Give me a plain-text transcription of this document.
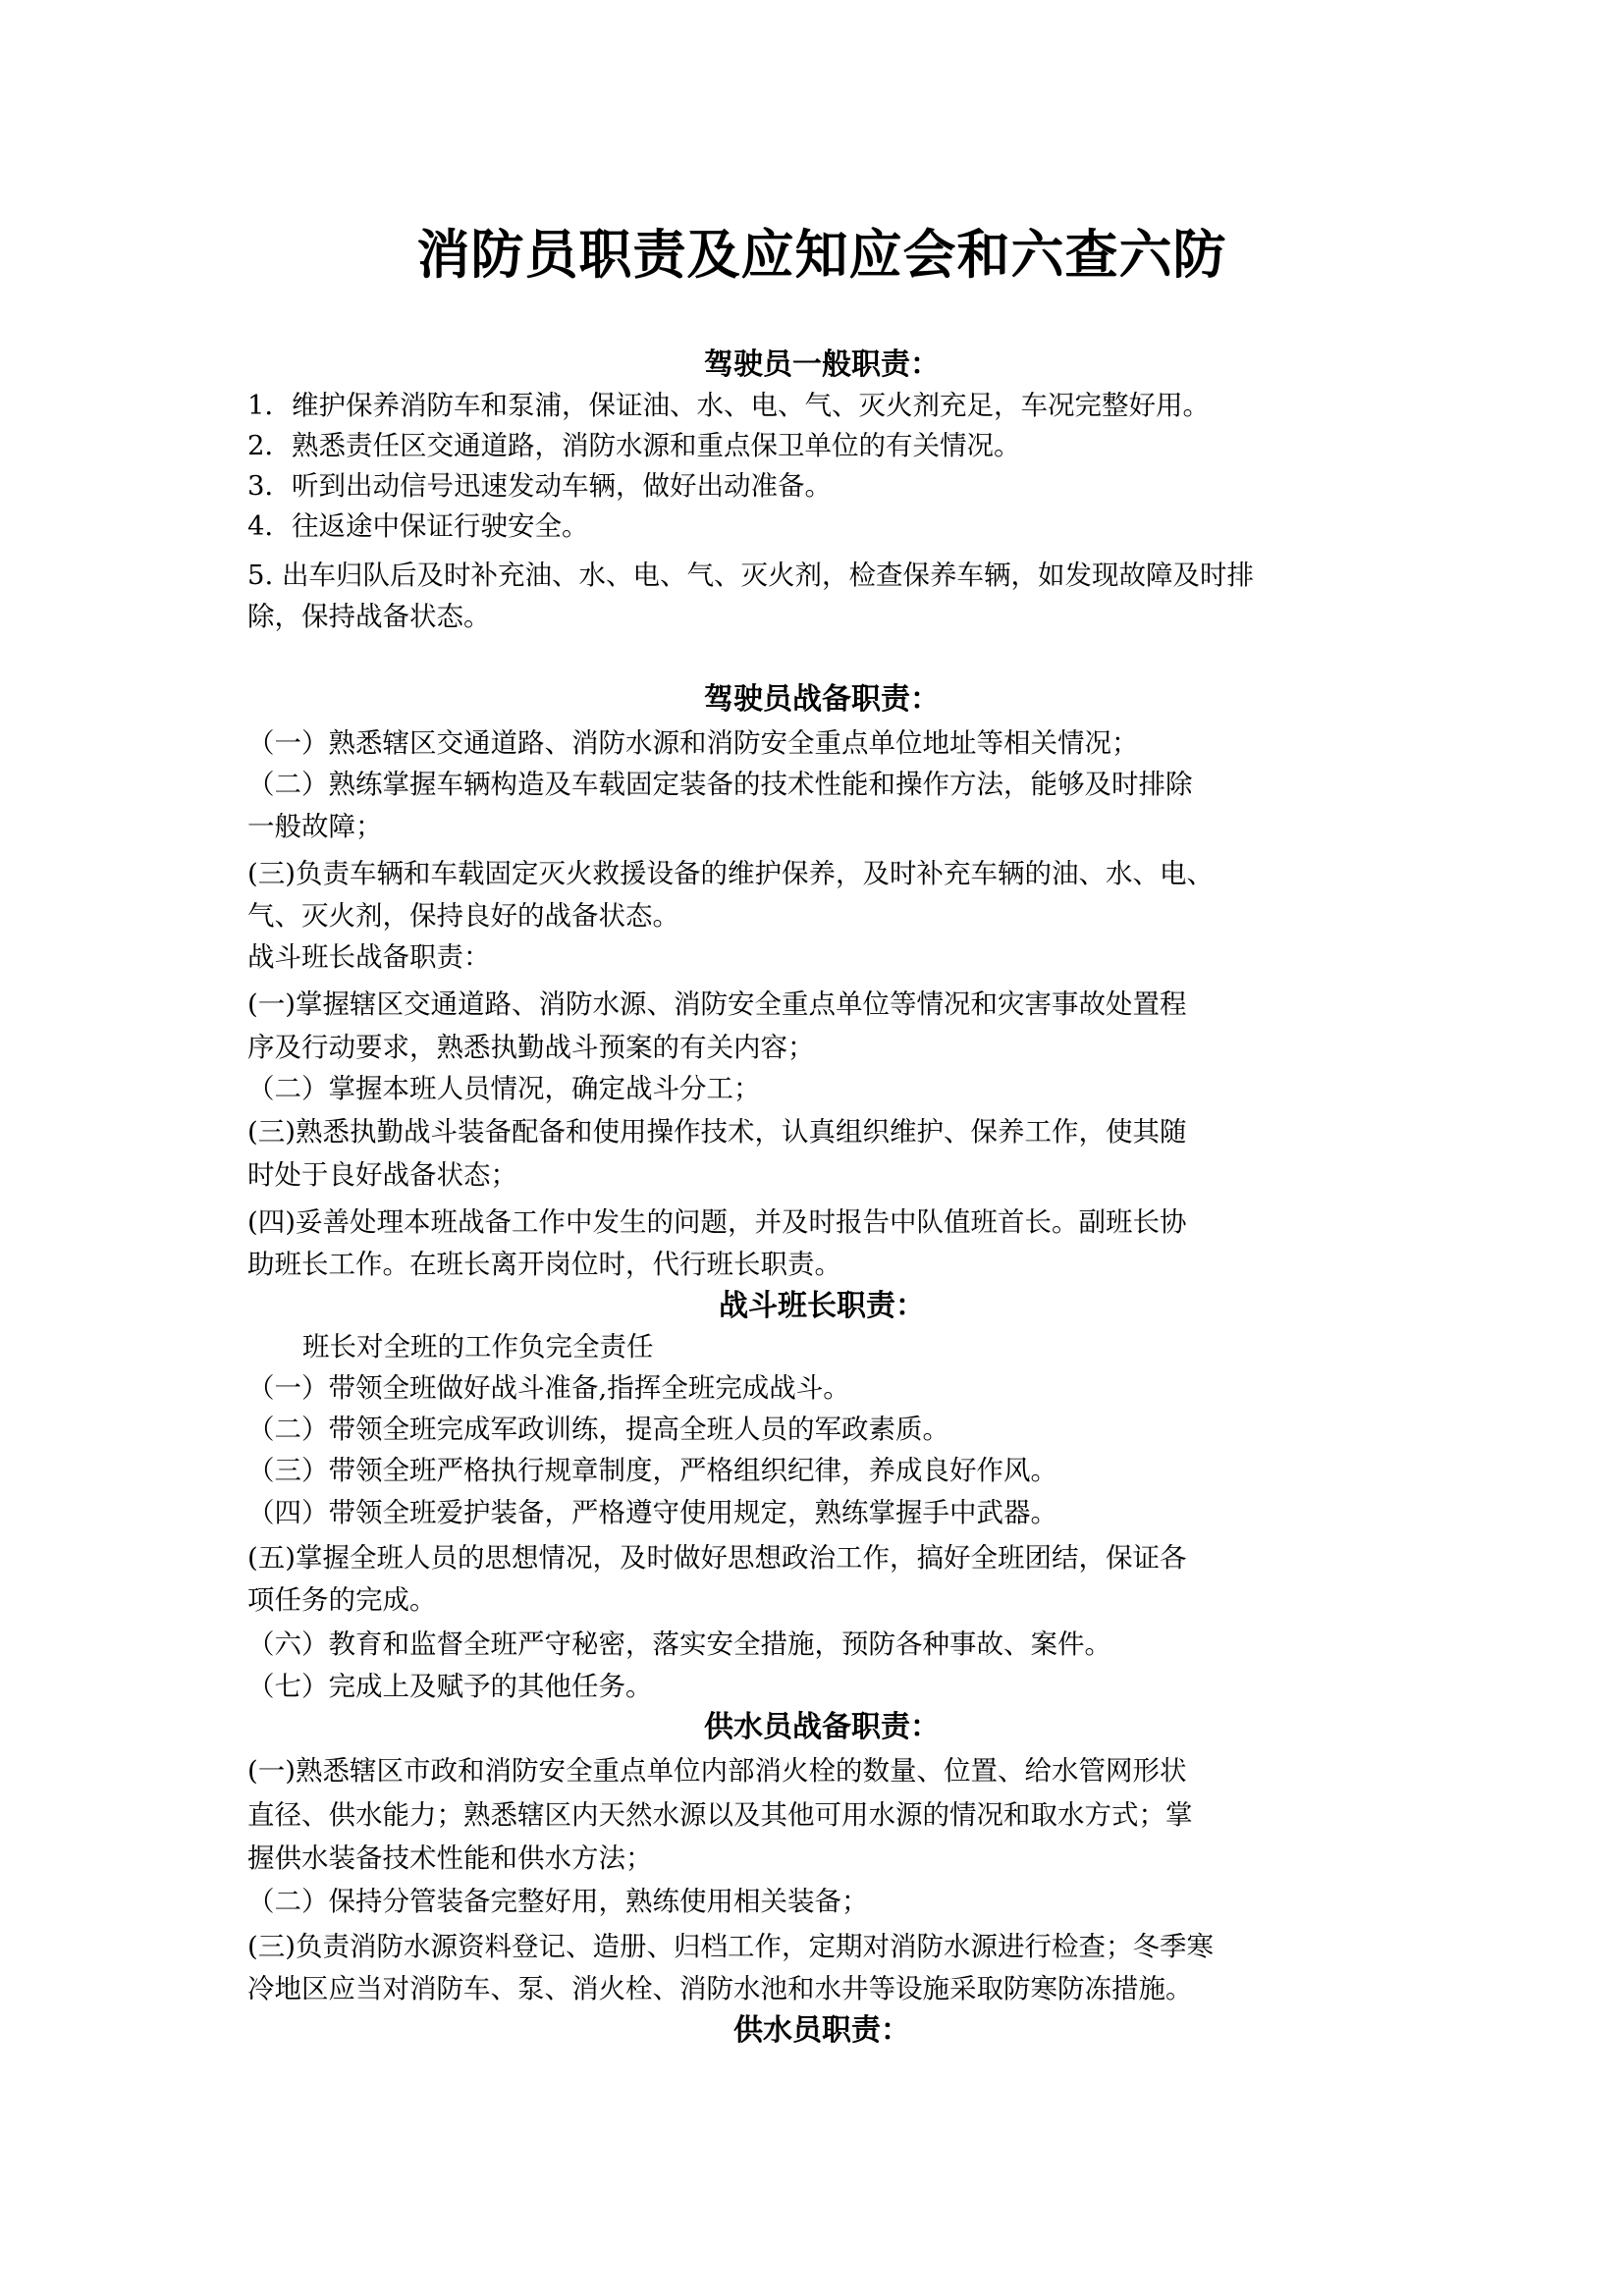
消防员职责及应知应会和六查六防
驾驶员一般职责：
1．维护保养消防车和泵浦，保证油、水、电、气、灭火剂充足，车况完整好用。
2．熟悉责任区交通道路，消防水源和重点保卫单位的有关情况。
3．听到出动信号迅速发动车辆，做好出动准备。
4．往返途中保证行驶安全。
5. 出车归队后及时补充油、水、电、气、灭火剂，检查保养车辆，如发现故障及时排
除，保持战备状态。
驾驶员战备职责：
（一）熟悉辖区交通道路、消防水源和消防安全重点单位地址等相关情况；
（二）熟练掌握车辆构造及车载固定装备的技术性能和操作方法，能够及时排除
一般故障；
(三)负责车辆和车载固定灭火救援设备的维护保养，及时补充车辆的油、水、电、
气、灭火剂，保持良好的战备状态。
战斗班长战备职责：
(一)掌握辖区交通道路、消防水源、消防安全重点单位等情况和灾害事故处置程
序及行动要求，熟悉执勤战斗预案的有关内容；
（二）掌握本班人员情况，确定战斗分工；
(三)熟悉执勤战斗装备配备和使用操作技术，认真组织维护、保养工作，使其随
时处于良好战备状态；
(四)妥善处理本班战备工作中发生的问题，并及时报告中队值班首长。副班长协
助班长工作。在班长离开岗位时，代行班长职责。
战斗班长职责：
班长对全班的工作负完全责任
（一）带领全班做好战斗准备,指挥全班完成战斗。
（二）带领全班完成军政训练，提高全班人员的军政素质。
（三）带领全班严格执行规章制度，严格组织纪律，养成良好作风。
（四）带领全班爱护装备，严格遵守使用规定，熟练掌握手中武器。
(五)掌握全班人员的思想情况，及时做好思想政治工作，搞好全班团结，保证各
项任务的完成。
（六）教育和监督全班严守秘密，落实安全措施，预防各种事故、案件。
（七）完成上及赋予的其他任务。
供水员战备职责：
(一)熟悉辖区市政和消防安全重点单位内部消火栓的数量、位置、给水管网形状
直径、供水能力；熟悉辖区内天然水源以及其他可用水源的情况和取水方式；掌
握供水装备技术性能和供水方法；
（二）保持分管装备完整好用，熟练使用相关装备；
(三)负责消防水源资料登记、造册、归档工作，定期对消防水源进行检查；冬季寒
冷地区应当对消防车、泵、消火栓、消防水池和水井等设施采取防寒防冻措施。
供水员职责：
